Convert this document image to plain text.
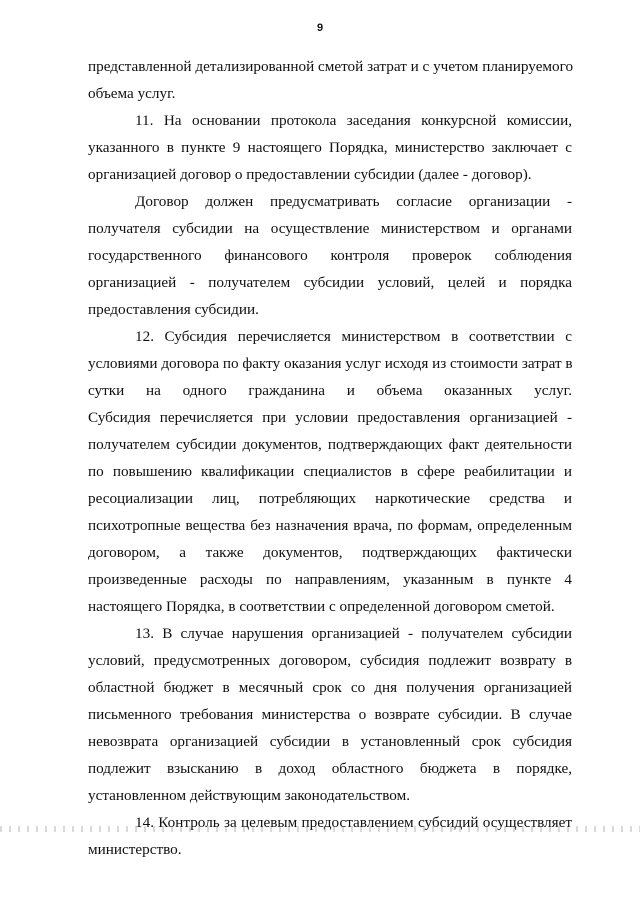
9
представленной детализированной сметой затрат и с учетом планируемого
объема услуг.
11. На основании протокола заседания конкурсной комиссии,
указанного в пункте 9 настоящего Порядка, министерство заключает с
организацией договор о предоставлении субсидии (далее - договор).
Договор должен предусматривать согласие организации -
получателя субсидии на осуществление министерством и органами
государственного финансового контроля проверок соблюдения
организацией - получателем субсидии условий, целей и порядка
предоставления субсидии.
12. Субсидия перечисляется министерством в соответствии с
условиями договора по факту оказания услуг исходя из стоимости затрат в
сутки на одного гражданина и объема оказанных услуг.
Субсидия перечисляется при условии предоставления организацией -
получателем субсидии документов, подтверждающих факт деятельности
по повышению квалификации специалистов в сфере реабилитации и
ресоциализации лиц, потребляющих наркотические средства и
психотропные вещества без назначения врача, по формам, определенным
договором, а также документов, подтверждающих фактически
произведенные расходы по направлениям, указанным в пункте 4
настоящего Порядка, в соответствии с определенной договором сметой.
13. В случае нарушения организацией - получателем субсидии
условий, предусмотренных договором, субсидия подлежит возврату в
областной бюджет в месячный срок со дня получения организацией
письменного требования министерства о возврате субсидии. В случае
невозврата организацией субсидии в установленный срок субсидия
подлежит взысканию в доход областного бюджета в порядке,
установленном действующим законодательством.
14. Контроль за целевым предоставлением субсидий осуществляет
министерство.
